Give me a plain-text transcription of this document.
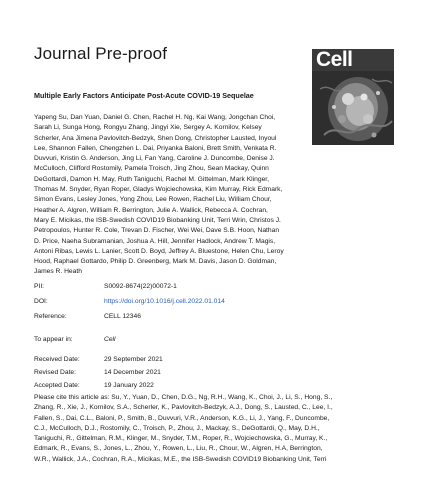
Journal Pre-proof	Cell
Multiple Early Factors Anticipate Post-Acute COVID-19 Sequelae
Yapeng Su, Dan Yuan, Daniel G. Chen, Rachel H. Ng, Kai Wang, Jongchan Choi,
Sarah Li, Sunga Hong, Rongyu Zhang, Jingyi Xie, Sergey A. Kornilov, Kelsey
Scherler, Ana Jimena Pavlovitch-Bedzyk, Shen Dong, Christopher Lausted, Inyoul
Lee, Shannon Fallen, Chengzhen L. Dai, Priyanka Baloni, Brett Smith, Venkata R.
Duvvuri, Kristin G. Anderson, Jing Li, Fan Yang, Caroline J. Duncombe, Denise J.
McCulloch, Clifford Rostomily, Pamela Troisch, Jing Zhou, Sean Mackay, Quinn
DeGottardi, Damon H. May, Ruth Taniguchi, Rachel M. Gittelman, Mark Klinger,
Thomas M. Snyder, Ryan Roper, Gladys Wojciechowska, Kim Murray, Rick Edmark,
Simon Evans, Lesley Jones, Yong Zhou, Lee Rowen, Rachel Liu, William Chour,
Heather A. Algren, William R. Berrington, Julie A. Wallick, Rebecca A. Cochran,
Mary E. Micikas, the ISB-Swedish COVID19 Biobanking Unit, Terri Wrin, Christos J.
Petropoulos, Hunter R. Cole, Trevan D. Fischer, Wei Wei, Dave S.B. Hoon, Nathan
D. Price, Naeha Subramanian, Joshua A. Hill, Jennifer Hadlock, Andrew T. Magis,
Antoni Ribas, Lewis L. Lanier, Scott D. Boyd, Jeffrey A. Bluestone, Helen Chu, Leroy
Hood, Raphael Gottardo, Philip D. Greenberg, Mark M. Davis, Jason D. Goldman,
James R. Heath
PII:	S0092-8674(22)00072-1
DOI:	https://doi.org/10.1016/j.cell.2022.01.014
Reference:	CELL 12346
To appear in:	Cell
Received Date:	29 September 2021
Revised Date:	14 December 2021
Accepted Date:	19 January 2022
Please cite this article as: Su, Y., Yuan, D., Chen, D.G., Ng, R.H., Wang, K., Choi, J., Li, S., Hong, S.,
Zhang, R., Xie, J., Kornilov, S.A., Scherler, K., Pavlovitch-Bedzyk, A.J., Dong, S., Lausted, C., Lee, I.,
Fallen, S., Dai, C.L., Baloni, P., Smith, B., Duvvuri, V.R., Anderson, K.G., Li, J., Yang, F., Duncombe,
C.J., McCulloch, D.J., Rostomily, C., Troisch, P., Zhou, J., Mackay, S., DeGottardi, Q., May, D.H.,
Taniguchi, R., Gittelman, R.M., Klinger, M., Snyder, T.M., Roper, R., Wojciechowska, G., Murray, K.,
Edmark, R., Evans, S., Jones, L., Zhou, Y., Rowen, L., Liu, R., Chour, W., Algren, H.A, Berrington,
W.R., Wallick, J.A., Cochran, R.A., Micikas, M.E., the ISB-Swedish COVID19 Biobanking Unit, Terri
